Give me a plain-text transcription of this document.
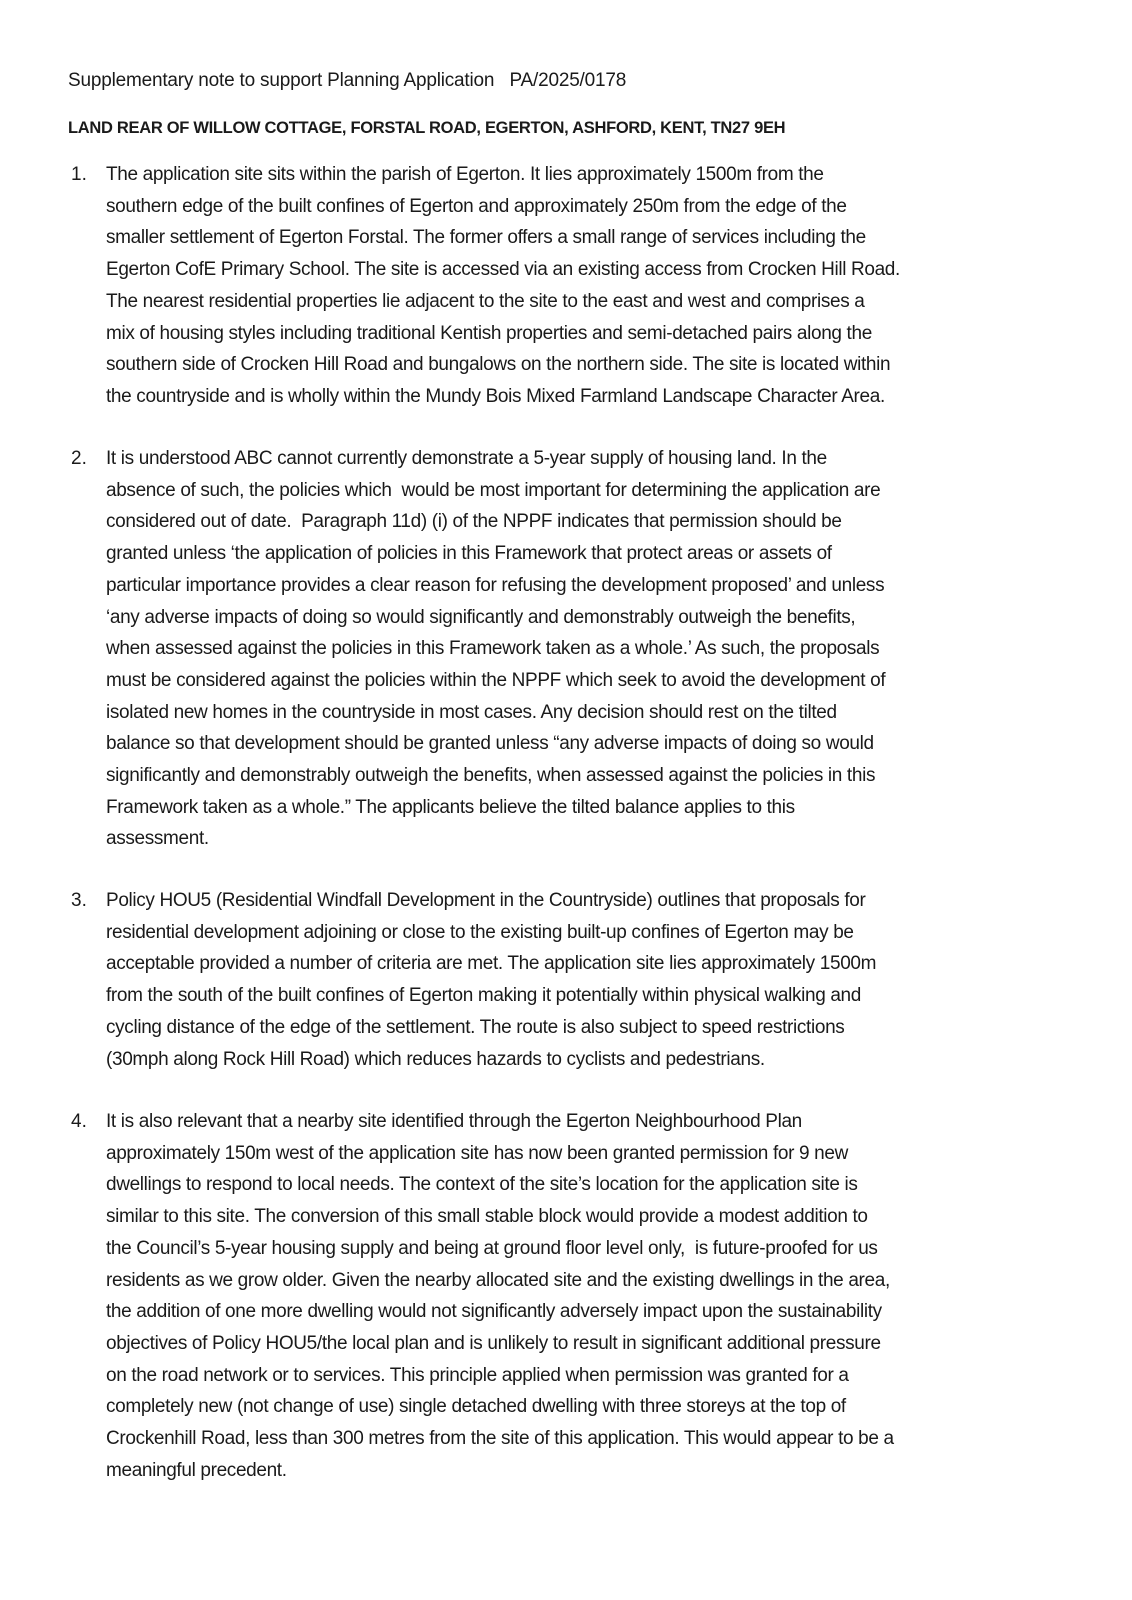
Supplementary note to support Planning Application   PA/2025/0178
LAND REAR OF WILLOW COTTAGE, FORSTAL ROAD, EGERTON, ASHFORD, KENT, TN27 9EH
1. The application site sits within the parish of Egerton. It lies approximately 1500m from the
southern edge of the built confines of Egerton and approximately 250m from the edge of the
smaller settlement of Egerton Forstal. The former offers a small range of services including the
Egerton CofE Primary School. The site is accessed via an existing access from Crocken Hill Road.
The nearest residential properties lie adjacent to the site to the east and west and comprises a
mix of housing styles including traditional Kentish properties and semi-detached pairs along the
southern side of Crocken Hill Road and bungalows on the northern side. The site is located within
the countryside and is wholly within the Mundy Bois Mixed Farmland Landscape Character Area.
2. It is understood ABC cannot currently demonstrate a 5-year supply of housing land. In the
absence of such, the policies which  would be most important for determining the application are
considered out of date.  Paragraph 11d) (i) of the NPPF indicates that permission should be
granted unless ‘the application of policies in this Framework that protect areas or assets of
particular importance provides a clear reason for refusing the development proposed’ and unless
‘any adverse impacts of doing so would significantly and demonstrably outweigh the benefits,
when assessed against the policies in this Framework taken as a whole.’ As such, the proposals
must be considered against the policies within the NPPF which seek to avoid the development of
isolated new homes in the countryside in most cases. Any decision should rest on the tilted
balance so that development should be granted unless “any adverse impacts of doing so would
significantly and demonstrably outweigh the benefits, when assessed against the policies in this
Framework taken as a whole.” The applicants believe the tilted balance applies to this
assessment.
3. Policy HOU5 (Residential Windfall Development in the Countryside) outlines that proposals for
residential development adjoining or close to the existing built-up confines of Egerton may be
acceptable provided a number of criteria are met. The application site lies approximately 1500m
from the south of the built confines of Egerton making it potentially within physical walking and
cycling distance of the edge of the settlement. The route is also subject to speed restrictions
(30mph along Rock Hill Road) which reduces hazards to cyclists and pedestrians.
4. It is also relevant that a nearby site identified through the Egerton Neighbourhood Plan
approximately 150m west of the application site has now been granted permission for 9 new
dwellings to respond to local needs. The context of the site’s location for the application site is
similar to this site. The conversion of this small stable block would provide a modest addition to
the Council’s 5-year housing supply and being at ground floor level only,  is future-proofed for us
residents as we grow older. Given the nearby allocated site and the existing dwellings in the area,
the addition of one more dwelling would not significantly adversely impact upon the sustainability
objectives of Policy HOU5/the local plan and is unlikely to result in significant additional pressure
on the road network or to services. This principle applied when permission was granted for a
completely new (not change of use) single detached dwelling with three storeys at the top of
Crockenhill Road, less than 300 metres from the site of this application. This would appear to be a
meaningful precedent.
